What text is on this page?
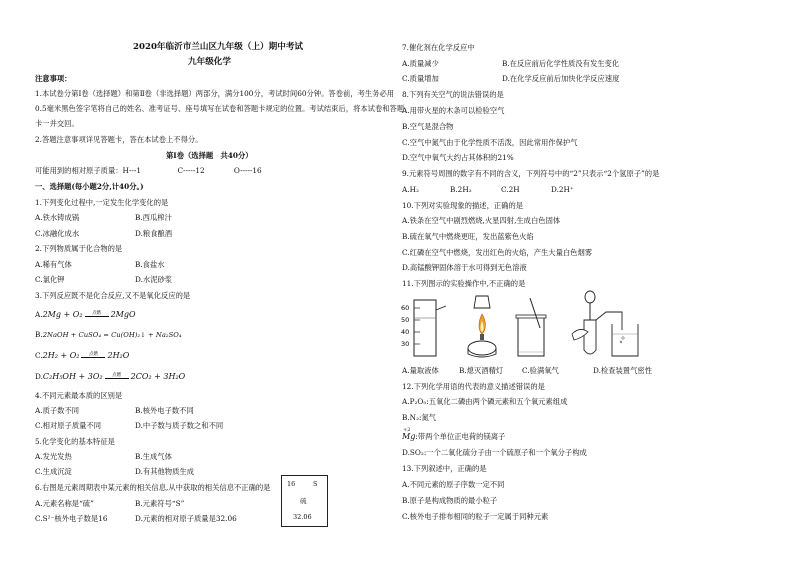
2020年临沂市兰山区九年级（上）期中考试
九年级化学
注意事项：
1.本试卷分第Ⅰ卷（选择题）和第Ⅱ卷（非选择题）两部分，满分100分，考试时间60分钟。答卷前，考生务必用
0.5毫米黑色签字笔将自己的姓名、准考证号、座号填写在试卷和答题卡规定的位置。考试结束后，将本试卷和答题
卡一并交回。
2.答题注意事项详见答题卡，答在本试卷上不得分。
第Ⅰ卷（选择题　共40分）
可能用到的相对原子质量：H---1　　　　　C-----12　　　　O-----16
一、选择题(每小题2分,计40分。)
1.下列变化过程中,一定发生化学变化的是
A.铁水铸成锅	B.西瓜榨汁
C.冰融化成水	D.粮食酿酒
2.下列物质属于化合物的是
A.稀有气体	B.食盐水
C.氯化钾	D.水泥砂浆
3.下列反应既不是化合反应,又不是氧化反应的是
A.2Mg + O₂ 点燃 2MgO
B.2NaOH + CuSO₄ = Cu(OH)₂↓ + Na₂SO₄
C.2H₂ + O₂ 点燃 2H₂O
D.C₂H₅OH + 3O₂ 点燃 2CO₂ + 3H₂O
4.不同元素最本质的区别是
A.质子数不同	B.核外电子数不同
C.相对原子质量不同	D.中子数与质子数之和不同
5.化学变化的基本特征是
A.发光发热	B.生成气体
C.生成沉淀	D.有其他物质生成
6.右图是元素周期表中某元素的相关信息,从中获取的相关信息不正确的是
A.元素名称是“硫”	B.元素符号“S”
C.S²⁻核外电子数是16	D.元素的相对原子质量是32.06
16	S
硫
32.06
7.催化剂在化学反应中
A.质量减少	B.在反应前后化学性质没有发生变化
C.质量增加	D.在化学反应前后加快化学反应速度
8.下列有关空气的说法错误的是
A.用带火星的木条可以检验空气
B.空气是混合物
C.空气中氮气由于化学性质不活泼，因此常用作保护气
D.空气中氧气大约占其体积的21%
9.元素符号周围的数字有不同的含义，下列符号中的“2”只表示“2个氢原子”的是
A.H₂	B.2H₂	C.2H	D.2H⁺
10.下列对实验现象的描述，正确的是
A.铁条在空气中剧烈燃烧,火星四射,生成白色固体
B.硫在氧气中燃烧更旺，发出蓝紫色火焰
C.红磷在空气中燃烧，发出红色的火焰，产生大量白色烟雾
D.高锰酸钾固体溶于水可得到无色溶液
11.下列图示的实验操作中,不正确的是
60
50
40
30
A.量取液体	B.熄灭酒精灯	C.验满氧气	D.检查装置气密性
12.下列化学用语的代表的意义描述错误的是
A.P₂O₅:五氧化二磷由两个磷元素和五个氧元素组成
B.N₂:氮气
+2
Mg:带两个单位正电荷的镁离子
D.SO₂:一个二氧化硫分子由一个硫原子和一个氧分子构成
13.下列叙述中，正确的是
A.不同元素的原子序数一定不同
B.原子是构成物质的最小粒子
C.核外电子排布相同的粒子一定属于同种元素
